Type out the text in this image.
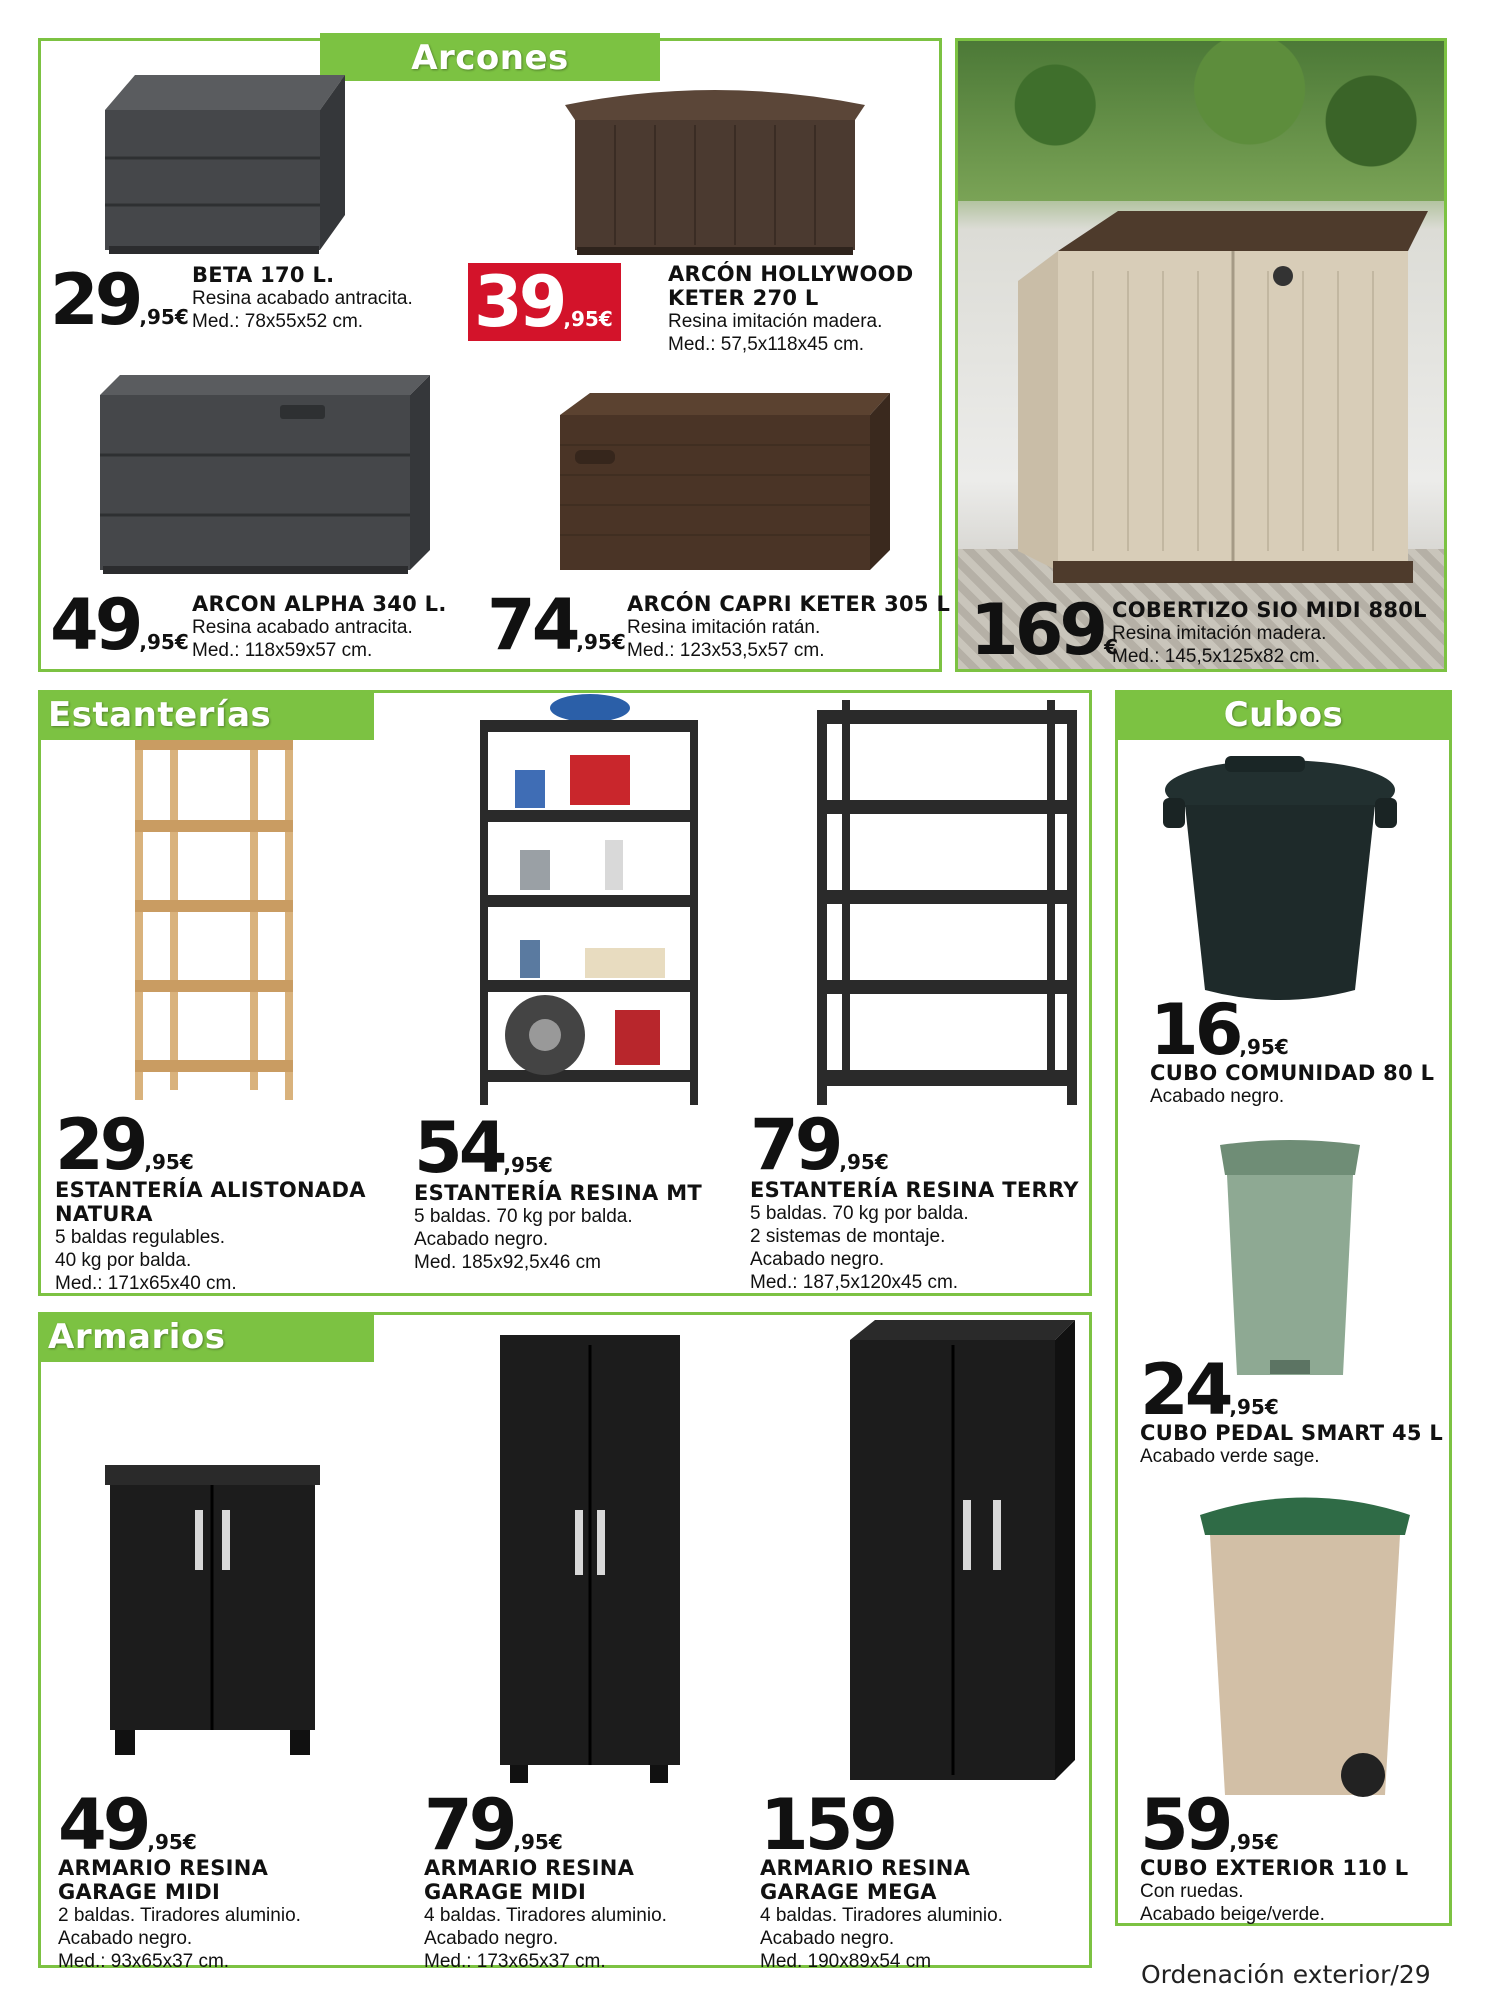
Arcones
29,95€
BETA 170 L.
Resina acabado antracita.
Med.: 78x55x52 cm.	39,95€
ARCÓN HOLLYWOOD
KETER 270 L
Resina imitación madera.
Med.: 57,5x118x45 cm.
49,95€
ARCON ALPHA 340 L.
Resina acabado antracita.
Med.: 118x59x57 cm.	74,95€
ARCÓN CAPRI KETER 305 L
Resina imitación ratán.
Med.: 123x53,5x57 cm.	169€
COBERTIZO SIO MIDI 880L
Resina imitación madera.
Med.: 145,5x125x82 cm.
Estanterías
29,95€
ESTANTERÍA ALISTONADA
NATURA
5 baldas regulables.
40 kg por balda.
Med.: 171x65x40 cm.
54,95€
ESTANTERÍA RESINA MT
5 baldas. 70 kg por balda.
Acabado negro.
Med. 185x92,5x46 cm
79,95€
ESTANTERÍA RESINA TERRY
5 baldas. 70 kg por balda.
2 sistemas de montaje.
Acabado negro.
Med.: 187,5x120x45 cm.
Armarios
49,95€
ARMARIO RESINA
GARAGE MIDI
2 baldas. Tiradores aluminio.
Acabado negro.
Med.: 93x65x37 cm.
79,95€
ARMARIO RESINA
GARAGE MIDI
4 baldas. Tiradores aluminio.
Acabado negro.
Med.: 173x65x37 cm.
159
ARMARIO RESINA
GARAGE MEGA
4 baldas. Tiradores aluminio.
Acabado negro.
Med. 190x89x54 cm
Cubos
16,95€
CUBO COMUNIDAD 80 L
Acabado negro.
24,95€
CUBO PEDAL SMART 45 L
Acabado verde sage.
59,95€
CUBO EXTERIOR 110 L
Con ruedas.
Acabado beige/verde.
Ordenación exterior/29
